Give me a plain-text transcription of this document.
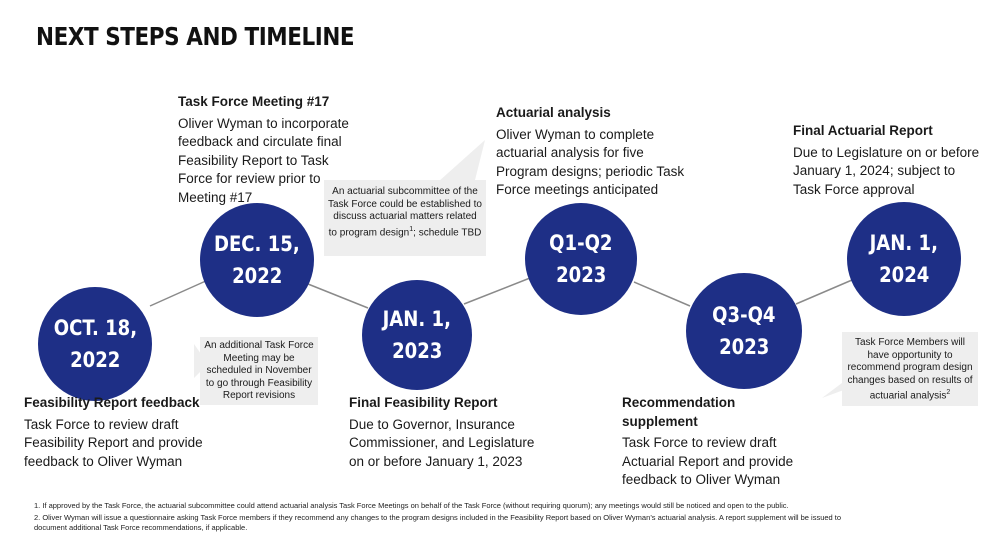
NEXT STEPS AND TIMELINE
OCT. 18,
2022
DEC. 15,
2022
JAN. 1,
2023
Q1-Q2
2023
Q3-Q4
2023
JAN. 1,
2024
Feasibility Report feedback
Task Force to review draft Feasibility Report and provide feedback to Oliver Wyman
Task Force Meeting #17
Oliver Wyman to incorporate feedback and circulate final Feasibility Report to Task Force for review prior to Meeting #17
Final Feasibility Report
Due to Governor, Insurance Commissioner, and Legislature on or before January 1, 2023
Actuarial analysis
Oliver Wyman to complete actuarial analysis for five Program designs; periodic Task Force meetings anticipated
Recommendation supplement
Task Force to review draft Actuarial Report and provide feedback to Oliver Wyman
Final Actuarial Report
Due to Legislature on or before January 1, 2024; subject to Task Force approval
An additional Task Force Meeting may be scheduled in November to go through Feasibility Report revisions
An actuarial subcommittee of the Task Force could be established to discuss actuarial matters related to program design$^1$; schedule TBD
Task Force Members will have opportunity to recommend program design changes based on results of actuarial analysis$^2$
1. If approved by the Task Force, the actuarial subcommittee could attend actuarial analysis Task Force Meetings on behalf of the Task Force (without requiring quorum); any meetings would still be noticed and open to the public.
2. Oliver Wyman will issue a questionnaire asking Task Force members if they recommend any changes to the program designs included in the Feasibility Report based on Oliver Wyman’s actuarial analysis. A report supplement will be issued to
document additional Task Force recommendations, if applicable.
